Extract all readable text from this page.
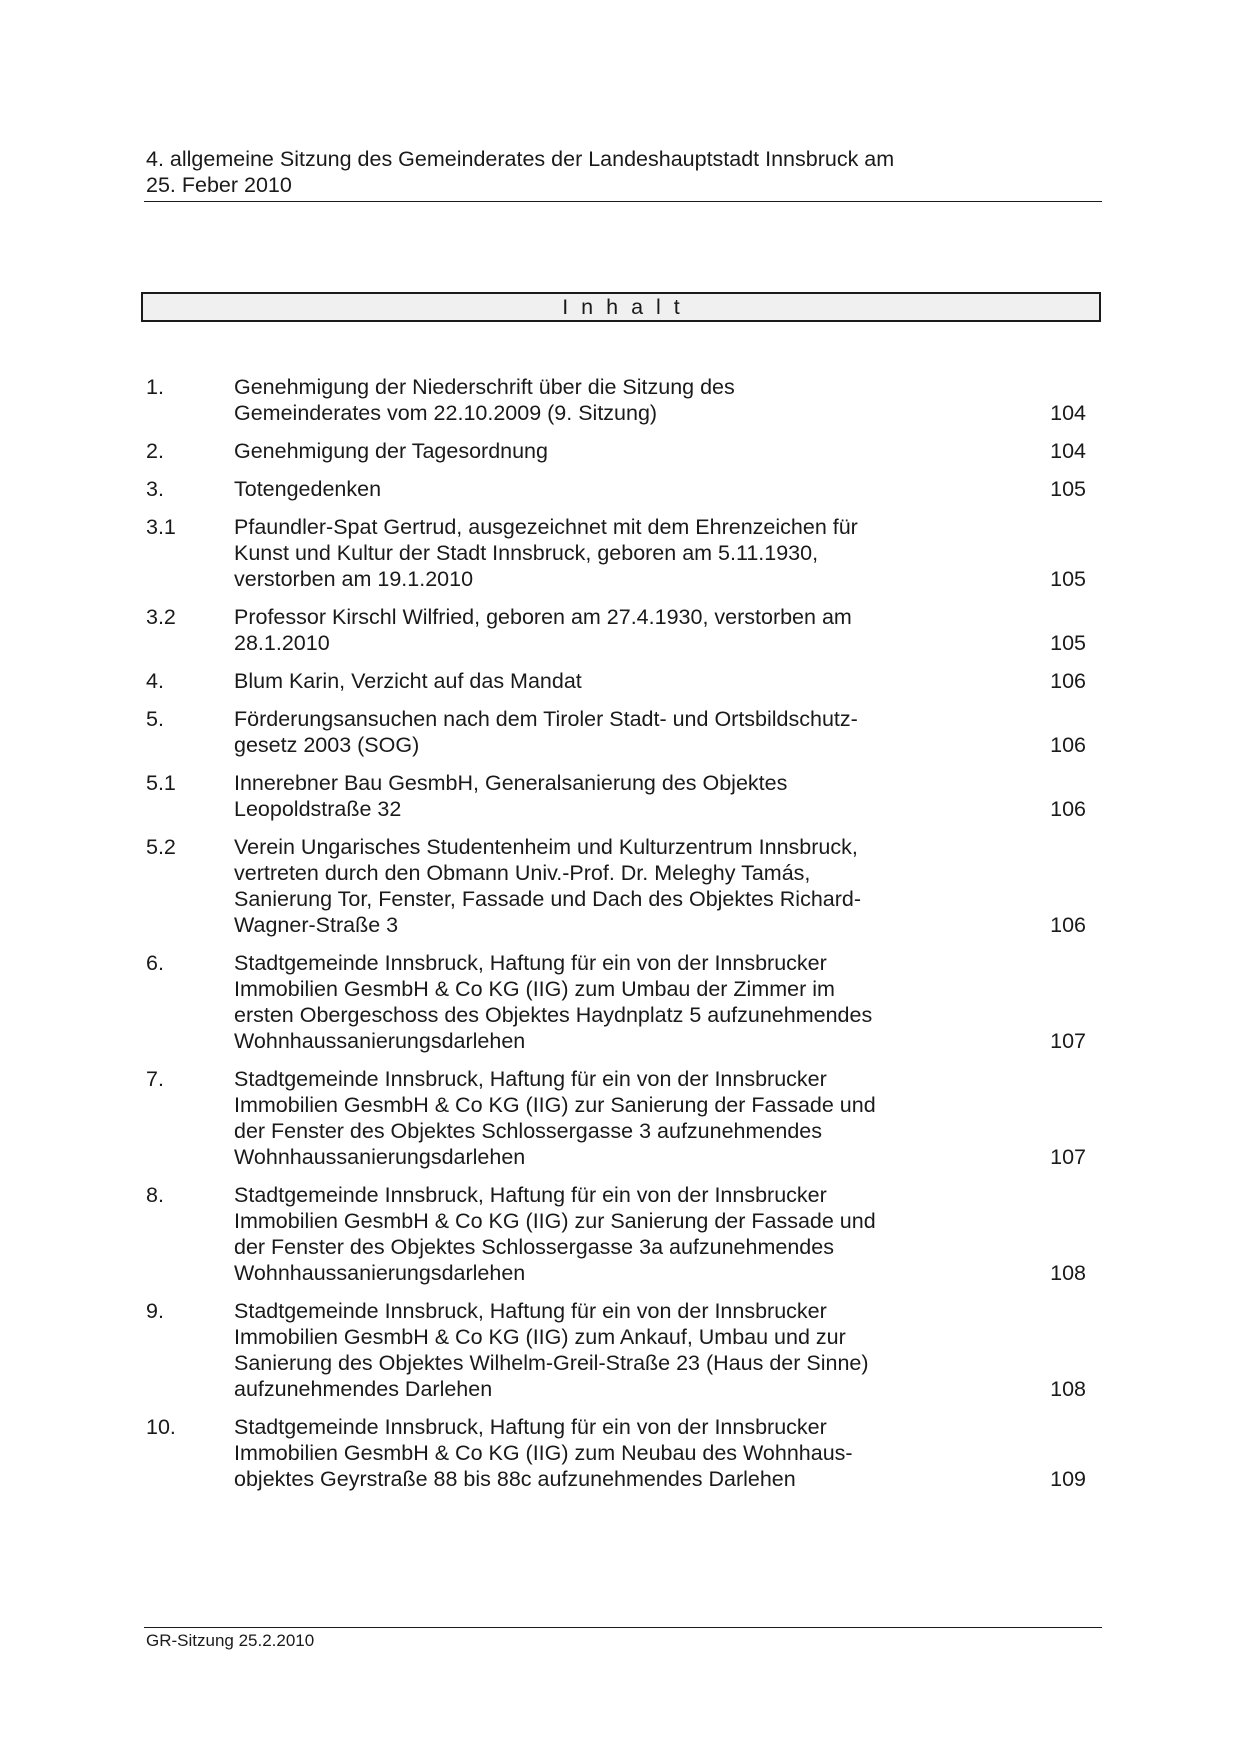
4. allgemeine Sitzung des Gemeinderates der Landeshauptstadt Innsbruck am
25. Feber 2010
Inhalt
1.	Genehmigung der Niederschrift über die Sitzung des
Gemeinderates vom 22.10.2009 (9. Sitzung)	104
2.	Genehmigung der Tagesordnung	104
3.	Totengedenken	105
3.1	Pfaundler-Spat Gertrud, ausgezeichnet mit dem Ehrenzeichen für
Kunst und Kultur der Stadt Innsbruck, geboren am 5.11.1930,
verstorben am 19.1.2010	105
3.2	Professor Kirschl Wilfried, geboren am 27.4.1930, verstorben am
28.1.2010	105
4.	Blum Karin, Verzicht auf das Mandat	106
5.	Förderungsansuchen nach dem Tiroler Stadt- und Ortsbildschutz-
gesetz 2003 (SOG)	106
5.1	Innerebner Bau GesmbH, Generalsanierung des Objektes
Leopoldstraße 32	106
5.2	Verein Ungarisches Studentenheim und Kulturzentrum Innsbruck,
vertreten durch den Obmann Univ.-Prof. Dr. Meleghy Tamás,
Sanierung Tor, Fenster, Fassade und Dach des Objektes Richard-
Wagner-Straße 3	106
6.	Stadtgemeinde Innsbruck, Haftung für ein von der Innsbrucker
Immobilien GesmbH & Co KG (IIG) zum Umbau der Zimmer im
ersten Obergeschoss des Objektes Haydnplatz 5 aufzunehmendes
Wohnhaussanierungsdarlehen	107
7.	Stadtgemeinde Innsbruck, Haftung für ein von der Innsbrucker
Immobilien GesmbH & Co KG (IIG) zur Sanierung der Fassade und
der Fenster des Objektes Schlossergasse 3 aufzunehmendes
Wohnhaussanierungsdarlehen	107
8.	Stadtgemeinde Innsbruck, Haftung für ein von der Innsbrucker
Immobilien GesmbH & Co KG (IIG) zur Sanierung der Fassade und
der Fenster des Objektes Schlossergasse 3a aufzunehmendes
Wohnhaussanierungsdarlehen	108
9.	Stadtgemeinde Innsbruck, Haftung für ein von der Innsbrucker
Immobilien GesmbH & Co KG (IIG) zum Ankauf, Umbau und zur
Sanierung des Objektes Wilhelm-Greil-Straße 23 (Haus der Sinne)
aufzunehmendes Darlehen	108
10.	Stadtgemeinde Innsbruck, Haftung für ein von der Innsbrucker
Immobilien GesmbH & Co KG (IIG) zum Neubau des Wohnhaus-
objektes Geyrstraße 88 bis 88c aufzunehmendes Darlehen	109
GR-Sitzung 25.2.2010
